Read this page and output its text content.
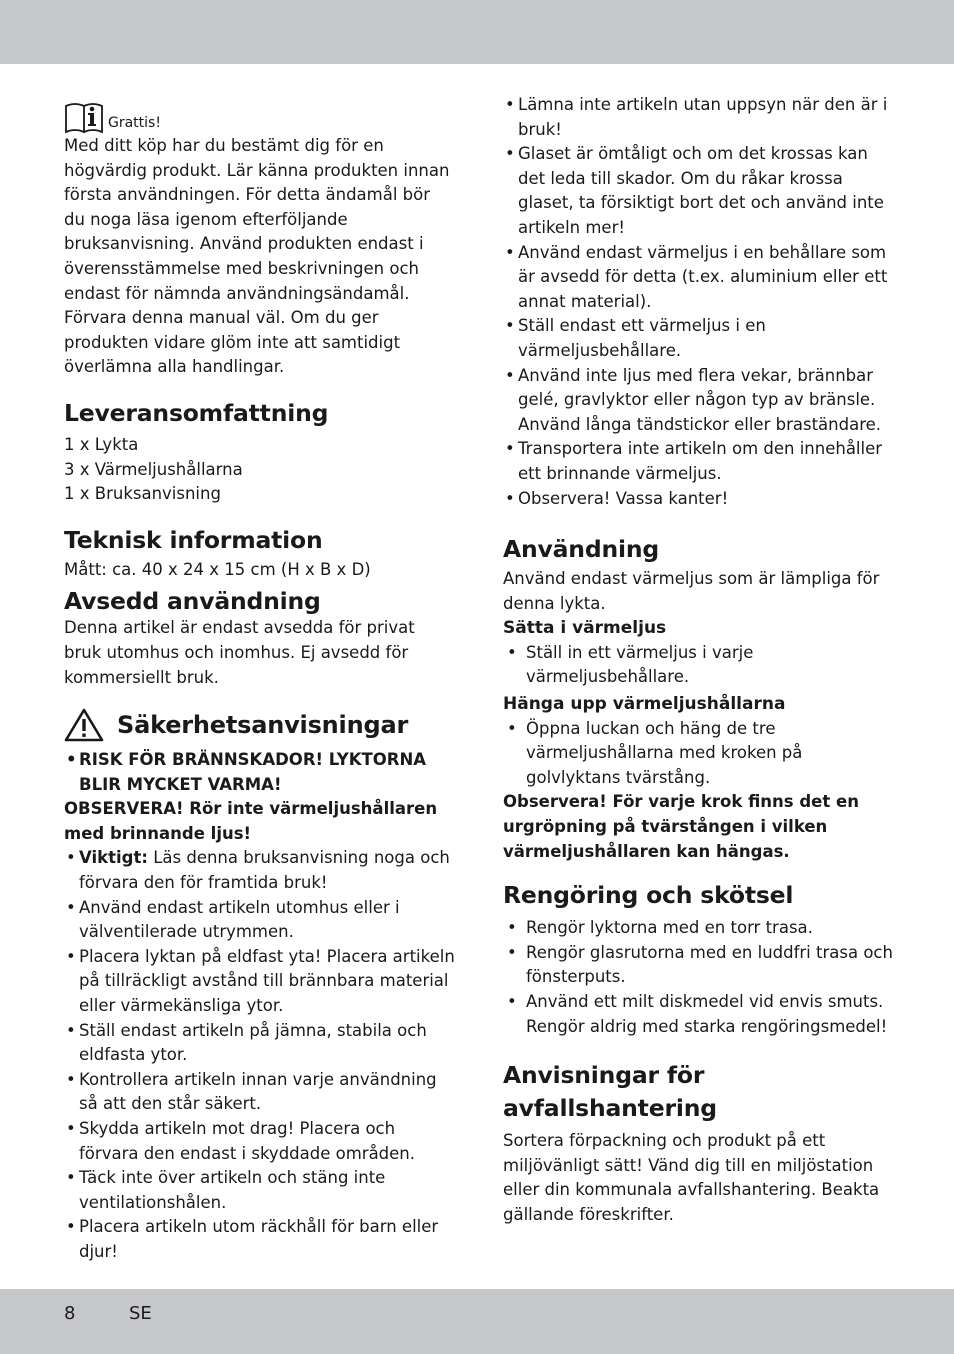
Grattis!

Med ditt köp har du bestämt dig för en högvärdig produkt. Lär känna produkten innan första användningen. För detta ändamål bör du noga läsa igenom efterföljande bruksanvisning. Använd produkten endast i överensstämmelse med beskrivningen och endast för nämnda användningsändamål. Förvara denna manual väl. Om du ger produkten vidare glöm inte att samtidigt överlämna alla handlingar.

Leveransomfattning
1 x Lykta
3 x Värmeljushållarna
1 x Bruksanvisning
Teknisk information

Mått: ca. 40 x 24 x 15 cm (H x B x D)

Avsedd användning

Denna artikel är endast avsedda för privat bruk utomhus och inomhus. Ej avsedd för kommersiellt bruk.

Säkerhetsanvisningar
• RISK FÖR BRÄNNSKADOR! LYKTORNA BLIR MYCKET VARMA!

OBSERVERA! Rör inte värmeljushållaren med brinnande ljus!

• Viktigt: Läs denna bruksanvisning noga och förvara den för framtida bruk!
• Använd endast artikeln utomhus eller i välventilerade utrymmen.
• Placera lyktan på eldfast yta! Placera artikeln på tillräckligt avstånd till brännbara material eller värmekänsliga ytor.
• Ställ endast artikeln på jämna, stabila och eldfasta ytor.
• Kontrollera artikeln innan varje användning så att den står säkert.
• Skydda artikeln mot drag! Placera och förvara den endast i skyddade områden.
• Täck inte över artikeln och stäng inte ventilationshålen.
• Placera artikeln utom räckhåll för barn eller djur!
• Lämna inte artikeln utan uppsyn när den är i bruk!
• Glaset är ömtåligt och om det krossas kan det leda till skador. Om du råkar krossa glaset, ta försiktigt bort det och använd inte artikeln mer!
• Använd endast värmeljus i en behållare som är avsedd för detta (t.ex. aluminium eller ett annat material).
• Ställ endast ett värmeljus i en värmeljusbehållare.
• Använd inte ljus med flera vekar, brännbar gelé, gravlyktor eller någon typ av bränsle. Använd långa tändstickor eller braständare.
• Transportera inte artikeln om den innehåller ett brinnande värmeljus.
• Observera! Vassa kanter!
Användning

Använd endast värmeljus som är lämpliga för denna lykta.

Sätta i värmeljus
• Ställ in ett värmeljus i varje värmeljusbehållare.
Hänga upp värmeljushållarna
• Öppna luckan och häng de tre värmeljushållarna med kroken på golvlyktans tvärstång.

Observera! För varje krok finns det en urgröpning på tvärstången i vilken värmeljushållaren kan hängas.

Rengöring och skötsel
• Rengör lyktorna med en torr trasa.
• Rengör glasrutorna med en luddfri trasa och fönsterputs.
• Använd ett milt diskmedel vid envis smuts. Rengör aldrig med starka rengöringsmedel!
Anvisningar för avfallshantering

Sortera förpackning och produkt på ett miljövänligt sätt! Vänd dig till en miljöstation eller din kommunala avfallshantering. Beakta gällande föreskrifter.

8	SE
